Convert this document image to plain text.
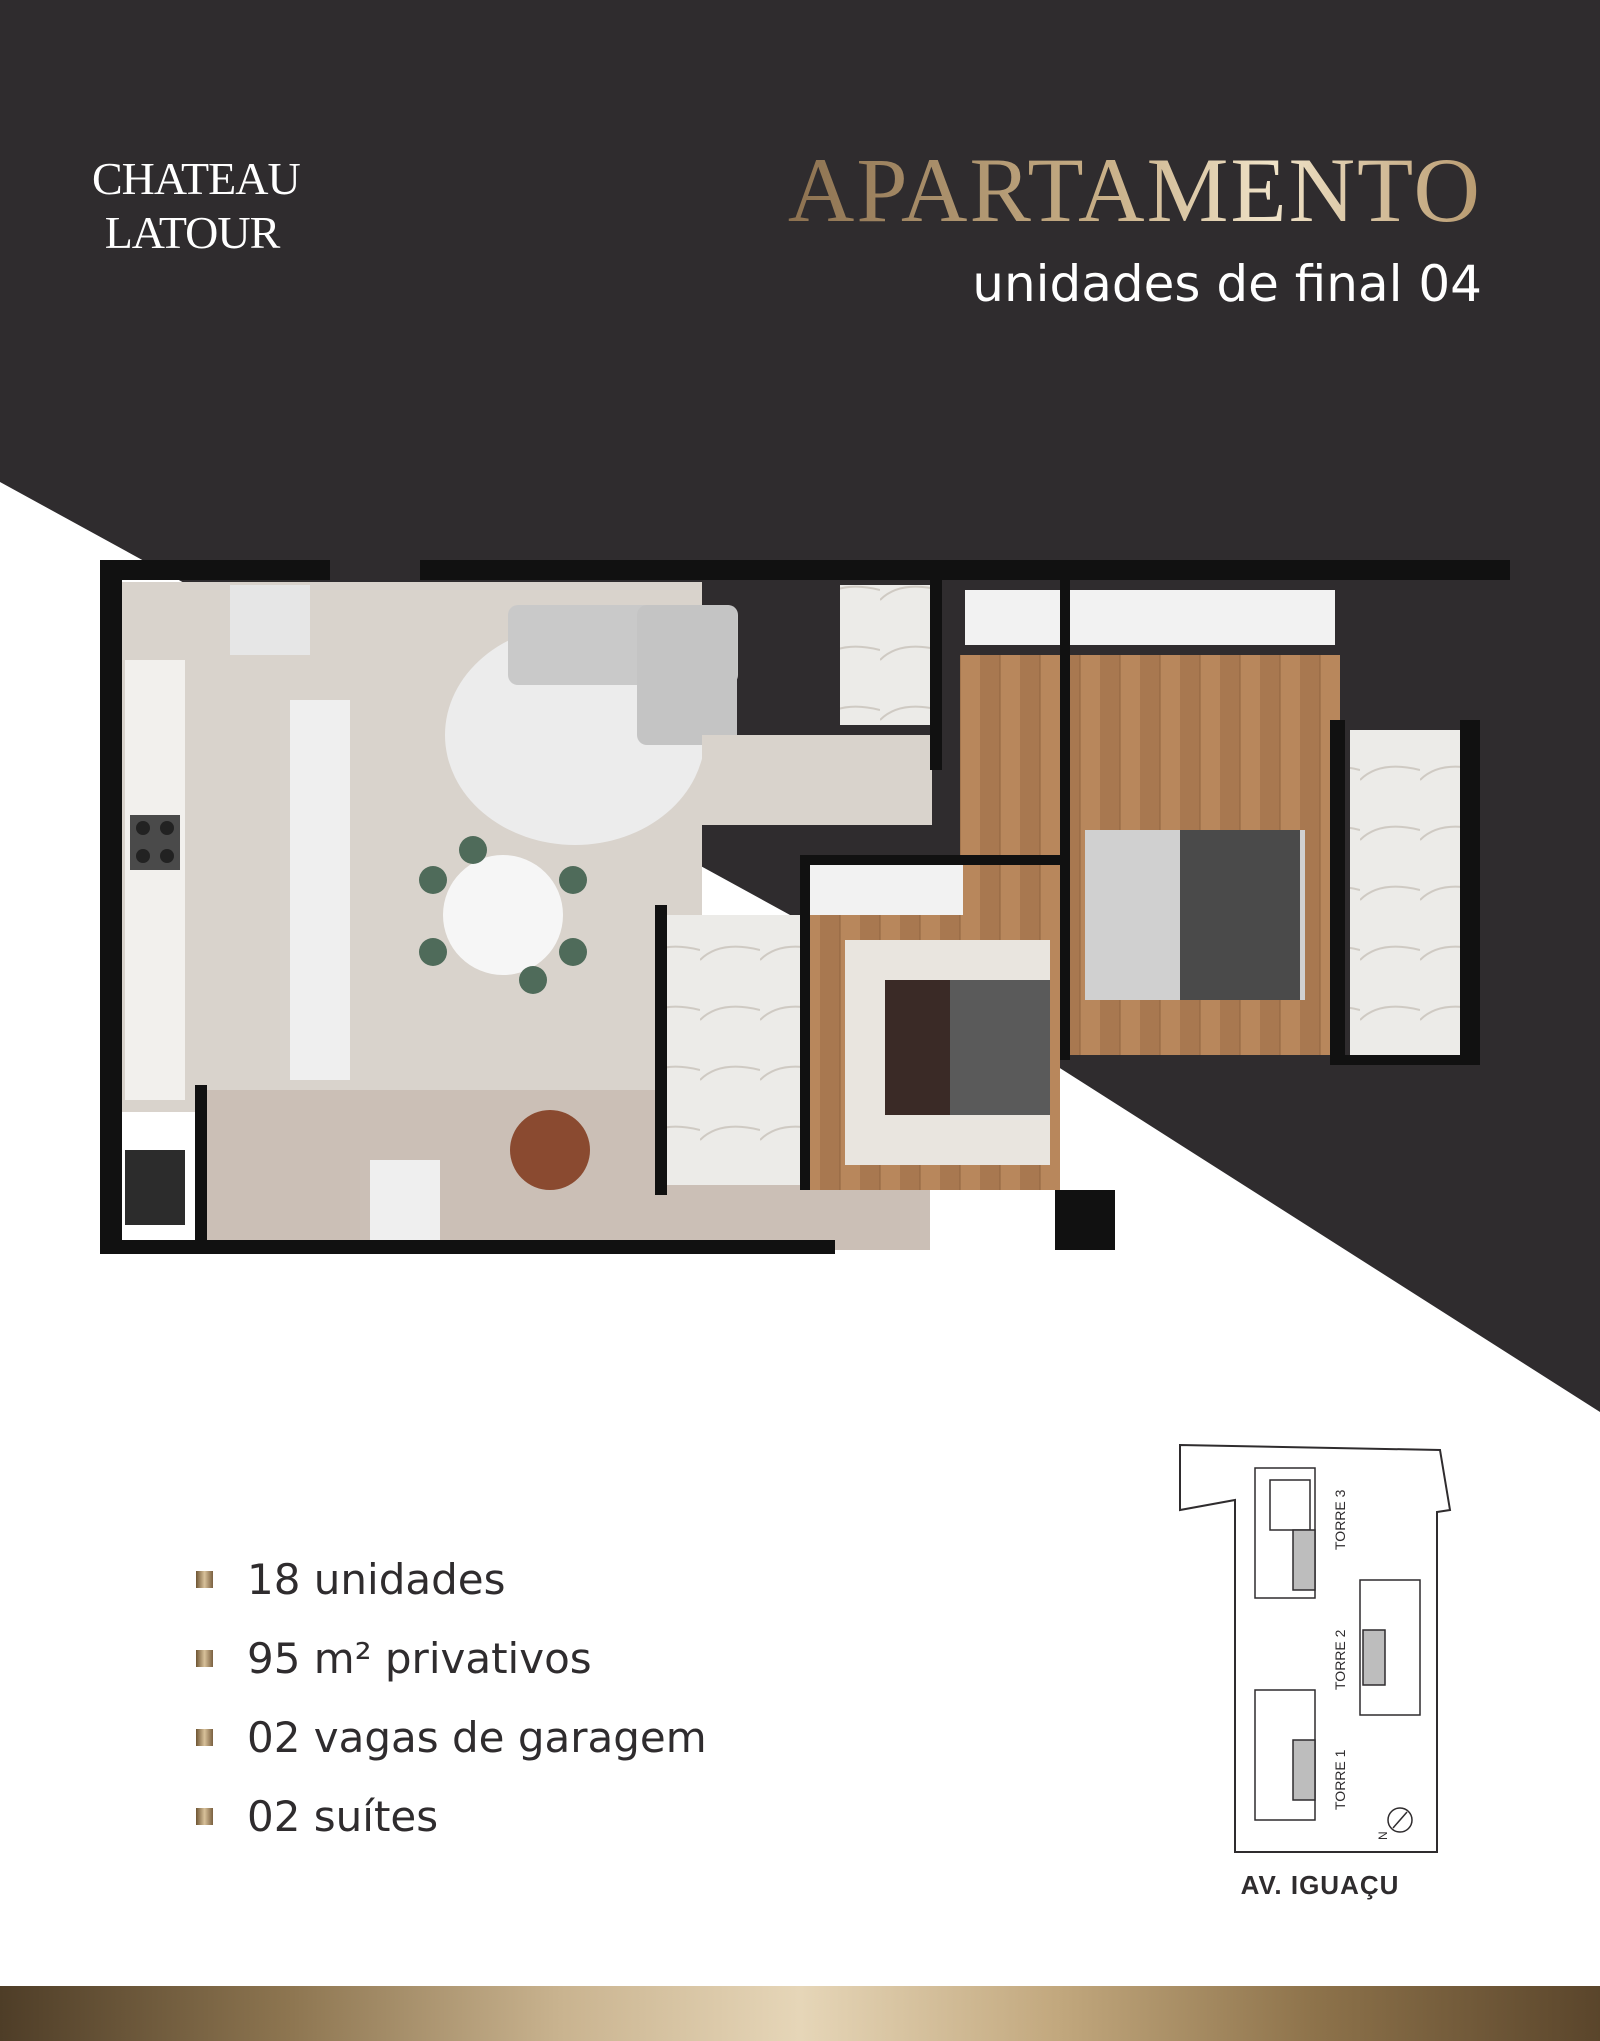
CHATEAU
LATOUR	APARTAMENTO
unidades de final 04
18 unidades
95 m² privativos
02 vagas de garagem
02 suítes
TORRE 3
TORRE 2
TORRE 1
N
AV. IGUAÇU
